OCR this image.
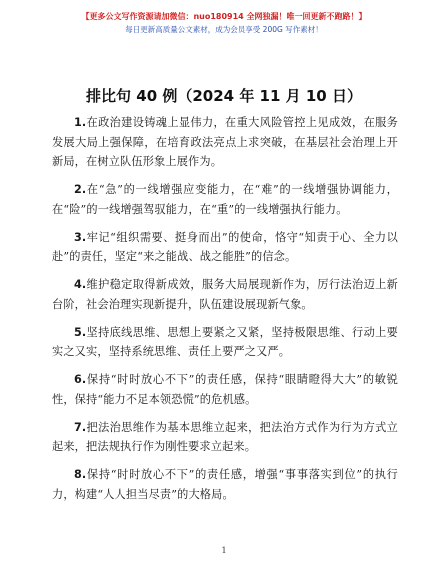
【更多公文写作资源请加微信：nuo180914 全网独漏！唯一回更新不跑路！】
每日更新高质量公文素材，成为会员享受 200G 写作素材！
排比句 40 例（2024 年 11 月 10 日）

1.在政治建设铸魂上显伟力，在重大风险管控上见成效，在服务发展大局上强保障，在培育政法亮点上求突破，在基层社会治理上开新局，在树立队伍形象上展作为。

2.在“急”的一线增强应变能力，在“难”的一线增强协调能力，在“险”的一线增强驾驭能力，在“重”的一线增强执行能力。

3.牢记“组织需要、挺身而出”的使命，恪守“知责于心、全力以赴”的责任，坚定“来之能战、战之能胜”的信念。

4.维护稳定取得新成效，服务大局展现新作为，厉行法治迈上新台阶，社会治理实现新提升，队伍建设展现新气象。

5.坚持底线思维、思想上要紧之又紧，坚持极限思维、行动上要实之又实，坚持系统思维、责任上要严之又严。

6.保持“时时放心不下”的责任感，保持“眼睛瞪得大大”的敏锐性，保持“能力不足本领恐慌”的危机感。

7.把法治思维作为基本思维立起来，把法治方式作为行为方式立起来，把法规执行作为刚性要求立起来。

8.保持“时时放心不下”的责任感，增强“事事落实到位”的执行力，构建“人人担当尽责”的大格局。

1
